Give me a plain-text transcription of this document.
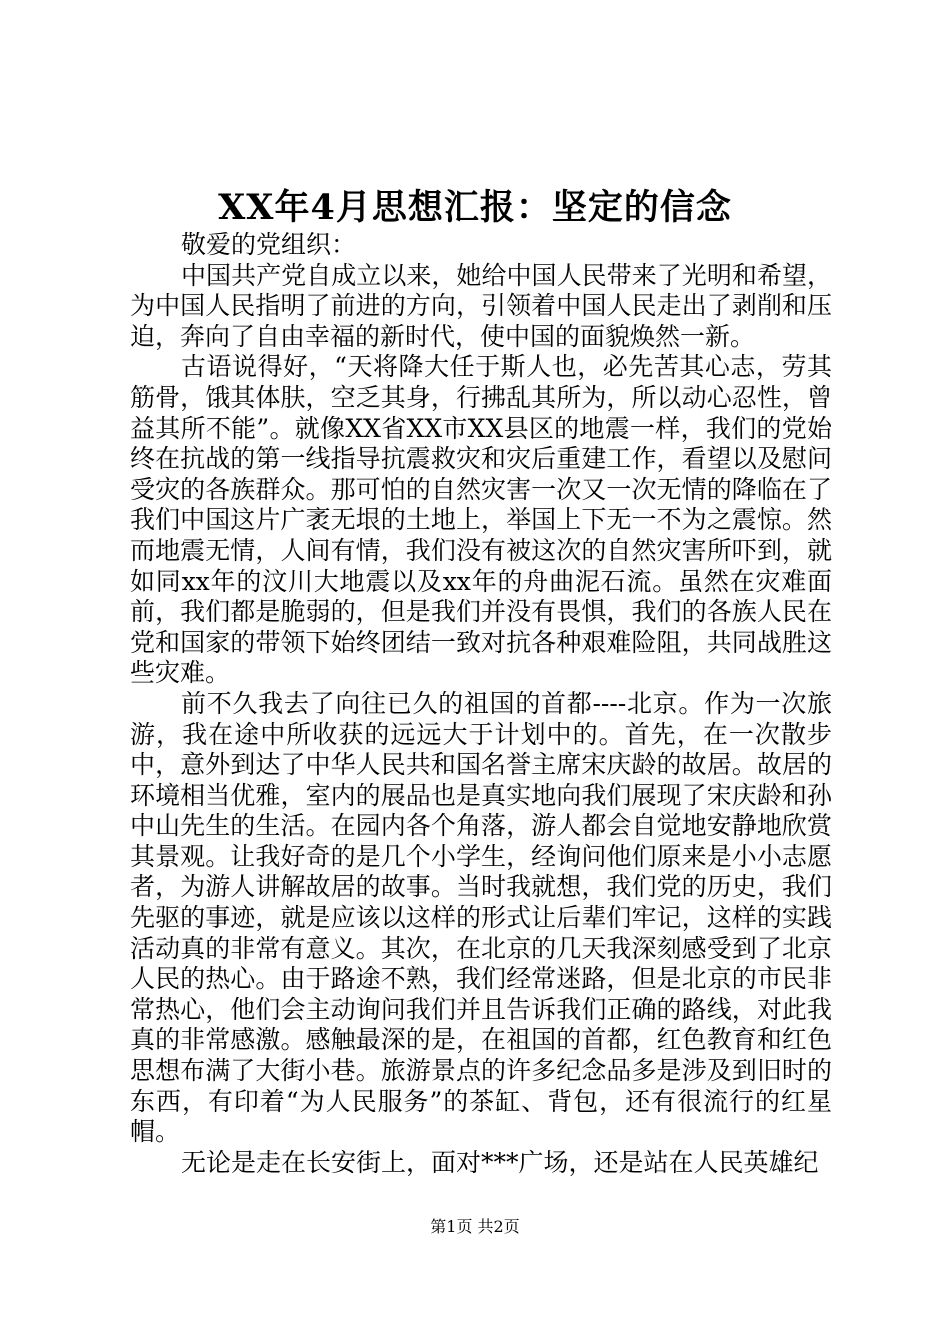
XX年4月思想汇报：坚定的信念

敬爱的党组织：

中国共产党自成立以来，她给中国人民带来了光明和希望，为中国人民指明了前进的方向，引领着中国人民走出了剥削和压迫，奔向了自由幸福的新时代，使中国的面貌焕然一新。

古语说得好，“天将降大任于斯人也，必先苦其心志，劳其筋骨，饿其体肤，空乏其身，行拂乱其所为，所以动心忍性，曾益其所不能”。就像XX省XX市XX县区的地震一样，我们的党始终在抗战的第一线指导抗震救灾和灾后重建工作，看望以及慰问受灾的各族群众。那可怕的自然灾害一次又一次无情的降临在了我们中国这片广袤无垠的土地上，举国上下无一不为之震惊。然而地震无情，人间有情，我们没有被这次的自然灾害所吓到，就如同xx年的汶川大地震以及xx年的舟曲泥石流。虽然在灾难面前，我们都是脆弱的，但是我们并没有畏惧，我们的各族人民在党和国家的带领下始终团结一致对抗各种艰难险阻，共同战胜这些灾难。

前不久我去了向往已久的祖国的首都----北京。作为一次旅游，我在途中所收获的远远大于计划中的。首先，在一次散步中，意外到达了中华人民共和国名誉主席宋庆龄的故居。故居的环境相当优雅，室内的展品也是真实地向我们展现了宋庆龄和孙中山先生的生活。在园内各个角落，游人都会自觉地安静地欣赏其景观。让我好奇的是几个小学生，经询问他们原来是小小志愿者，为游人讲解故居的故事。当时我就想，我们党的历史，我们先驱的事迹，就是应该以这样的形式让后辈们牢记，这样的实践活动真的非常有意义。其次，在北京的几天我深刻感受到了北京人民的热心。由于路途不熟，我们经常迷路，但是北京的市民非常热心，他们会主动询问我们并且告诉我们正确的路线，对此我真的非常感激。感触最深的是，在祖国的首都，红色教育和红色思想布满了大街小巷。旅游景点的许多纪念品多是涉及到旧时的东西，有印着“为人民服务”的茶缸、背包，还有很流行的红星帽。

无论是走在长安街上，面对***广场，还是站在人民英雄纪

第1页 共2页
